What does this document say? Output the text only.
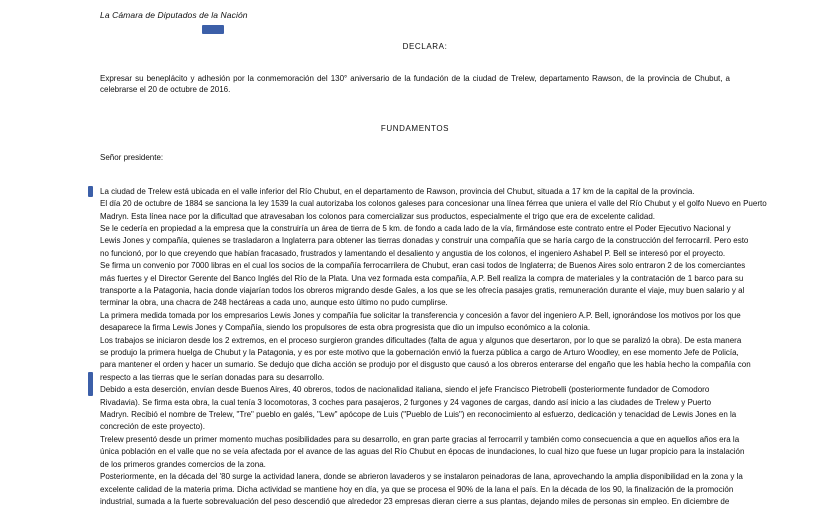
La Cámara de Diputados de la Nación
DECLARA:

Expresar su beneplácito y adhesión por la conmemoración del 130° aniversario de la fundación de la ciudad de Trelew, departamento Rawson, de la provincia de Chubut, a celebrarse el 20 de octubre de 2016.

FUNDAMENTOS
Señor presidente:
La ciudad de Trelew está ubicada en el valle inferior del Río Chubut, en el departamento de Rawson, provincia del Chubut, situada a 17 km de la capital de la provincia.
El día 20 de octubre de 1884 se sanciona la ley 1539 la cual autorizaba los colonos galeses para concesionar una línea férrea que uniera el valle del Río Chubut y el golfo Nuevo en Puerto
Madryn. Esta línea nace por la dificultad que atravesaban los colonos para comercializar sus productos, especialmente el trigo que era de excelente calidad.
Se le cedería en propiedad a la empresa que la construiría un área de tierra de 5 km. de fondo a cada lado de la vía, firmándose este contrato entre el Poder Ejecutivo Nacional y
Lewis Jones y compañía, quienes se trasladaron a Inglaterra para obtener las tierras donadas y construir una compañía que se haría cargo de la construcción del ferrocarril. Pero esto
no funcionó, por lo que creyendo que habían fracasado, frustrados y lamentando el desaliento y angustia de los colonos, el ingeniero Ashabel P. Bell se interesó por el proyecto.
Se firma un convenio por 7000 libras en el cual los socios de la compañía ferrocarrilera de Chubut, eran casi todos de Inglaterra; de Buenos Aires solo entraron 2 de los comerciantes
más fuertes y el Director Gerente del Banco Inglés del Río de la Plata. Una vez formada esta compañía, A.P. Bell realiza la compra de materiales y la contratación de 1 barco para su
transporte a la Patagonia, hacia donde viajarían todos los obreros migrando desde Gales, a los que se les ofrecía pasajes gratis, remuneración durante el viaje, muy buen salario y al
terminar la obra, una chacra de 248 hectáreas a cada uno, aunque esto último no pudo cumplirse.
La primera medida tomada por los empresarios Lewis Jones y compañía fue solicitar la transferencia y concesión a favor del ingeniero A.P. Bell, ignorándose los motivos por los que
desaparece la firma Lewis Jones y Compañía, siendo los propulsores de esta obra progresista que dio un impulso económico a la colonia.
Los trabajos se iniciaron desde los 2 extremos, en el proceso surgieron grandes dificultades (falta de agua y algunos que desertaron, por lo que se paralizó la obra). De esta manera
se produjo la primera huelga de Chubut y la Patagonia, y es por este motivo que la gobernación envió la fuerza pública a cargo de Arturo Woodley, en ese momento Jefe de Policía,
para mantener el orden y hacer un sumario. Se dedujo que dicha acción se produjo por el disgusto que causó a los obreros enterarse del engaño que les había hecho la compañía con
respecto a las tierras que le serían donadas para su desarrollo.
Debido a esta deserción, envían desde Buenos Aires, 40 obreros, todos de nacionalidad italiana, siendo el jefe Francisco Pietrobelli (posteriormente fundador de Comodoro
Rivadavia). Se firma esta obra, la cual tenía 3 locomotoras, 3 coches para pasajeros, 2 furgones y 24 vagones de cargas, dando así inicio a las ciudades de Trelew y Puerto
Madryn. Recibió el nombre de Trelew, "Tre" pueblo en galés, "Lew" apócope de Luis ("Pueblo de Luis") en reconocimiento al esfuerzo, dedicación y tenacidad de Lewis Jones en la
concreción de este proyecto).
Trelew presentó desde un primer momento muchas posibilidades para su desarrollo, en gran parte gracias al ferrocarril y también como consecuencia a que en aquellos años era la
única población en el valle que no se veía afectada por el avance de las aguas del Río Chubut en épocas de inundaciones, lo cual hizo que fuese un lugar propicio para la instalación
de los primeros grandes comercios de la zona.
Posteriormente, en la década del '80 surge la actividad lanera, donde se abrieron lavaderos y se instalaron peinadoras de lana, aprovechando la amplia disponibilidad en la zona y la
excelente calidad de la materia prima. Dicha actividad se mantiene hoy en día, ya que se procesa el 90% de la lana el país. En la década de los 90, la finalización de la promoción
industrial, sumada a la fuerte sobrevaluación del peso descendió que alrededor 23 empresas dieran cierre a sus plantas, dejando miles de personas sin empleo. En diciembre de
